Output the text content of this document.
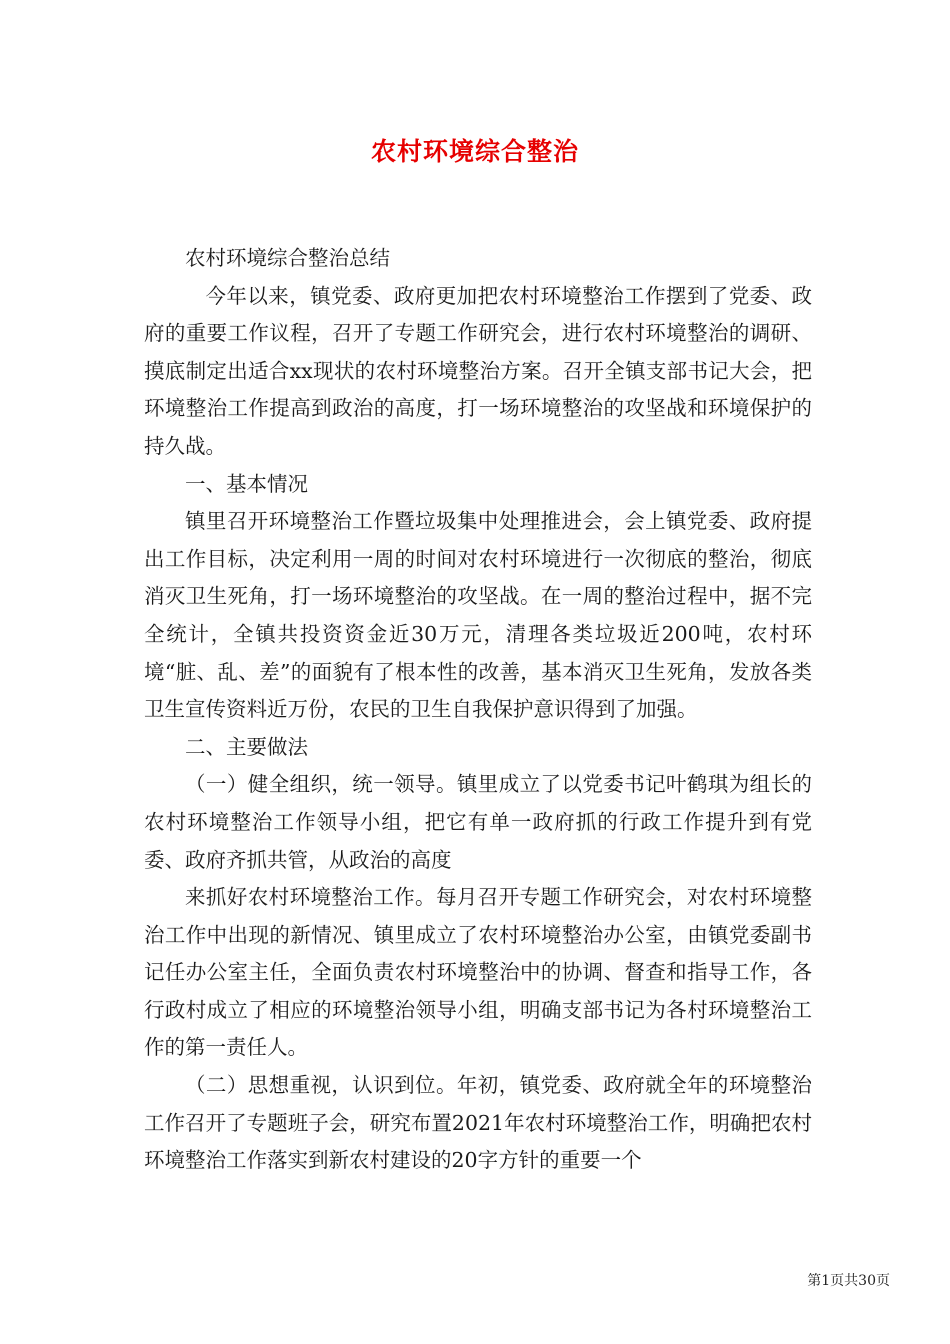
农村环境综合整治

农村环境综合整治总结

今年以来，镇党委、政府更加把农村环境整治工作摆到了党委、政府的重要工作议程，召开了专题工作研究会，进行农村环境整治的调研、摸底制定出适合xx现状的农村环境整治方案。召开全镇支部书记大会，把环境整治工作提高到政治的高度，打一场环境整治的攻坚战和环境保护的持久战。

一、基本情况

镇里召开环境整治工作暨垃圾集中处理推进会，会上镇党委、政府提出工作目标，决定利用一周的时间对农村环境进行一次彻底的整治，彻底消灭卫生死角，打一场环境整治的攻坚战。在一周的整治过程中，据不完全统计，全镇共投资资金近30万元，清理各类垃圾近200吨，农村环境“脏、乱、差”的面貌有了根本性的改善，基本消灭卫生死角，发放各类卫生宣传资料近万份，农民的卫生自我保护意识得到了加强。

二、主要做法

（一）健全组织，统一领导。镇里成立了以党委书记叶鹤琪为组长的农村环境整治工作领导小组，把它有单一政府抓的行政工作提升到有党委、政府齐抓共管，从政治的高度

来抓好农村环境整治工作。每月召开专题工作研究会，对农村环境整治工作中出现的新情况、镇里成立了农村环境整治办公室，由镇党委副书记任办公室主任，全面负责农村环境整治中的协调、督查和指导工作，各行政村成立了相应的环境整治领导小组，明确支部书记为各村环境整治工作的第一责任人。

（二）思想重视，认识到位。年初，镇党委、政府就全年的环境整治工作召开了专题班子会，研究布置2021年农村环境整治工作，明确把农村环境整治工作落实到新农村建设的20字方针的重要一个

第1页共30页
